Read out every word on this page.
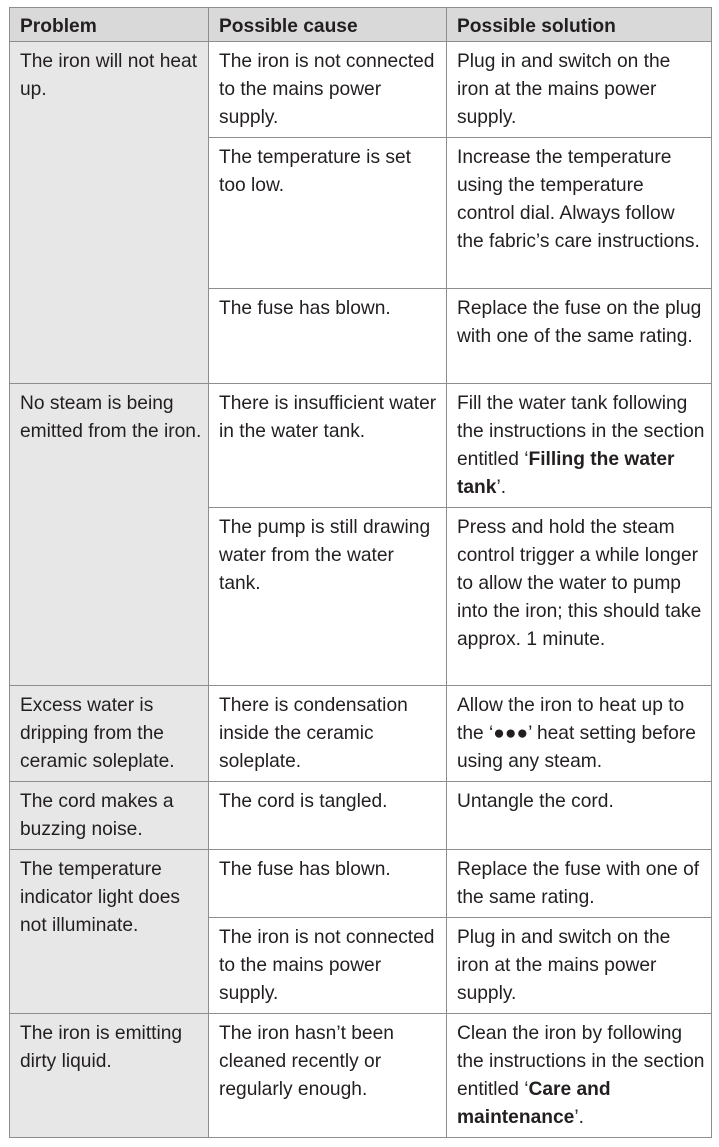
Problem	Possible cause	Possible solution
The iron will not heat up.	The iron is not connected to the mains power supply.	Plug in and switch on the iron at the mains power supply.
	The temperature is set too low.	Increase the temperature using the temperature control dial. Always follow the fabric’s care instructions.
	The fuse has blown.	Replace the fuse on the plug with one of the same rating.
No steam is being emitted from the iron.	There is insufficient water in the water tank.	Fill the water tank following the instructions in the section entitled ‘Filling the water tank’.
	The pump is still drawing water from the water tank.	Press and hold the steam control trigger a while longer to allow the water to pump into the iron; this should take approx. 1 minute.
Excess water is dripping from the ceramic soleplate.	There is condensation inside the ceramic soleplate.	Allow the iron to heat up to the ‘●●●’ heat setting before using any steam.
The cord makes a buzzing noise.	The cord is tangled.	Untangle the cord.
The temperature indicator light does not illuminate.	The fuse has blown.	Replace the fuse with one of the same rating.
	The iron is not connected to the mains power supply.	Plug in and switch on the iron at the mains power supply.
The iron is emitting dirty liquid.	The iron hasn’t been cleaned recently or regularly enough.	Clean the iron by following the instructions in the section entitled ‘Care and maintenance’.
